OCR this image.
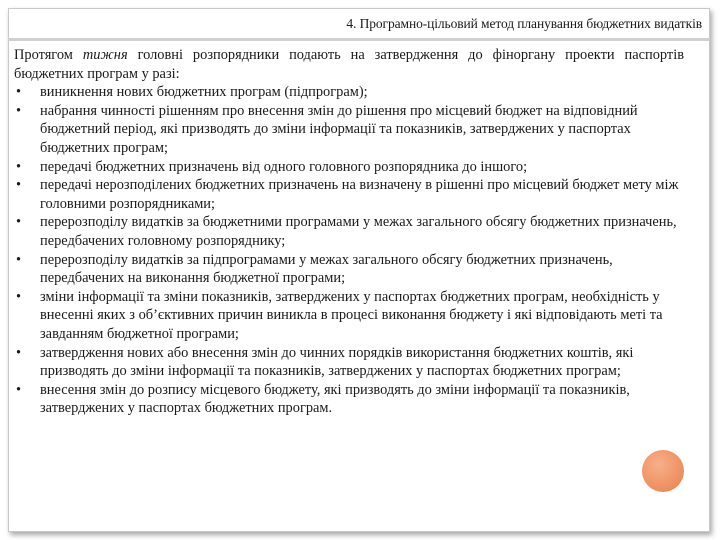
4. Програмно-цільовий метод планування бюджетних видатків

Протягом тижня головні розпорядники подають на затвердження до фіноргану проекти паспортів бюджетних програм у разі:

• виникнення нових бюджетних програм (підпрограм);
• набрання чинності рішенням про внесення змін до рішення про місцевий бюджет на відповідний бюджетний період, які призводять до зміни інформації та показників, затверджених у паспортах бюджетних програм;
• передачі бюджетних призначень від одного головного розпорядника до іншого;
• передачі нерозподілених бюджетних призначень на визначену в рішенні про місцевий бюджет мету між головними розпорядниками;
• перерозподілу видатків за бюджетними програмами у межах загального обсягу бюджетних призначень, передбачених головному розпоряднику;
• перерозподілу видатків за підпрограмами у межах загального обсягу бюджетних призначень, передбачених на виконання бюджетної програми;
• зміни інформації та зміни показників, затверджених у паспортах бюджетних програм, необхідність у внесенні яких з об’єктивних причин виникла в процесі виконання бюджету і які відповідають меті та завданням бюджетної програми;
• затвердження нових або внесення змін до чинних порядків використання бюджетних коштів, які призводять до зміни інформації та показників, затверджених у паспортах бюджетних програм;
• внесення змін до розпису місцевого бюджету, які призводять до зміни інформації та показників, затверджених у паспортах бюджетних програм.
